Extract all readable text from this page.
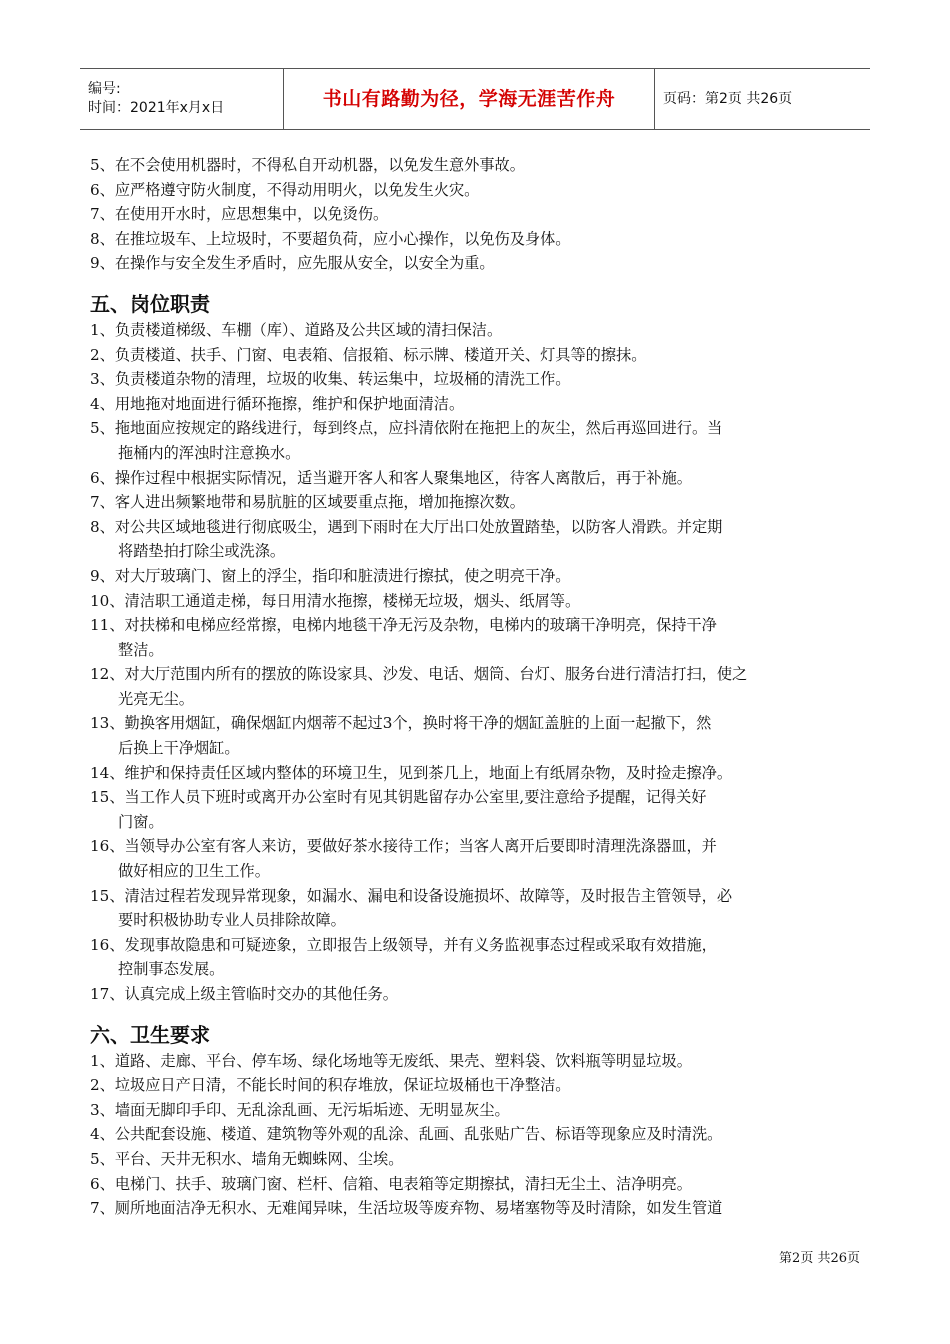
编号:
时间：2021年x月x日	书山有路勤为径，学海无涯苦作舟	页码：第2页 共26页
5、在不会使用机器时，不得私自开动机器，以免发生意外事故。
6、应严格遵守防火制度，不得动用明火，以免发生火灾。
7、在使用开水时，应思想集中，以免烫伤。
8、在推垃圾车、上垃圾时，不要超负荷，应小心操作，以免伤及身体。
9、在操作与安全发生矛盾时，应先服从安全，以安全为重。
五、岗位职责
1、负责楼道梯级、车棚（库）、道路及公共区域的清扫保洁。
2、负责楼道、扶手、门窗、电表箱、信报箱、标示牌、楼道开关、灯具等的擦抹。
3、负责楼道杂物的清理，垃圾的收集、转运集中，垃圾桶的清洗工作。
4、用地拖对地面进行循环拖擦，维护和保护地面清洁。
5、拖地面应按规定的路线进行，每到终点，应抖清依附在拖把上的灰尘，然后再巡回进行。当
拖桶内的浑浊时注意换水。
6、操作过程中根据实际情况，适当避开客人和客人聚集地区，待客人离散后，再于补施。
7、客人进出频繁地带和易肮脏的区域要重点拖，增加拖擦次数。
8、对公共区域地毯进行彻底吸尘，遇到下雨时在大厅出口处放置踏垫，以防客人滑跌。并定期
将踏垫拍打除尘或洗涤。
9、对大厅玻璃门、窗上的浮尘，指印和脏渍进行擦拭，使之明亮干净。
10、清洁职工通道走梯，每日用清水拖擦，楼梯无垃圾，烟头、纸屑等。
11、对扶梯和电梯应经常擦，电梯内地毯干净无污及杂物，电梯内的玻璃干净明亮，保持干净
整洁。
12、对大厅范围内所有的摆放的陈设家具、沙发、电话、烟筒、台灯、服务台进行清洁打扫，使之
光亮无尘。
13、勤换客用烟缸，确保烟缸内烟蒂不起过3个，换时将干净的烟缸盖脏的上面一起撤下，然
后换上干净烟缸。
14、维护和保持责任区域内整体的环境卫生，见到茶几上，地面上有纸屑杂物，及时捡走擦净。
15、当工作人员下班时或离开办公室时有见其钥匙留存办公室里,要注意给予提醒，记得关好
门窗。
16、当领导办公室有客人来访，要做好茶水接待工作；当客人离开后要即时清理洗涤器皿，并
做好相应的卫生工作。
15、清洁过程若发现异常现象，如漏水、漏电和设备设施损坏、故障等，及时报告主管领导，必
要时积极协助专业人员排除故障。
16、发现事故隐患和可疑迹象，立即报告上级领导，并有义务监视事态过程或采取有效措施，
控制事态发展。
17、认真完成上级主管临时交办的其他任务。
六、卫生要求
1、道路、走廊、平台、停车场、绿化场地等无废纸、果壳、塑料袋、饮料瓶等明显垃圾。
2、垃圾应日产日清，不能长时间的积存堆放，保证垃圾桶也干净整洁。
3、墙面无脚印手印、无乱涂乱画、无污垢垢迹、无明显灰尘。
4、公共配套设施、楼道、建筑物等外观的乱涂、乱画、乱张贴广告、标语等现象应及时清洗。
5、平台、天井无积水、墙角无蜘蛛网、尘埃。
6、电梯门、扶手、玻璃门窗、栏杆、信箱、电表箱等定期擦拭，清扫无尘土、洁净明亮。
7、厕所地面洁净无积水、无难闻异味，生活垃圾等废弃物、易堵塞物等及时清除，如发生管道
第2页 共26页
